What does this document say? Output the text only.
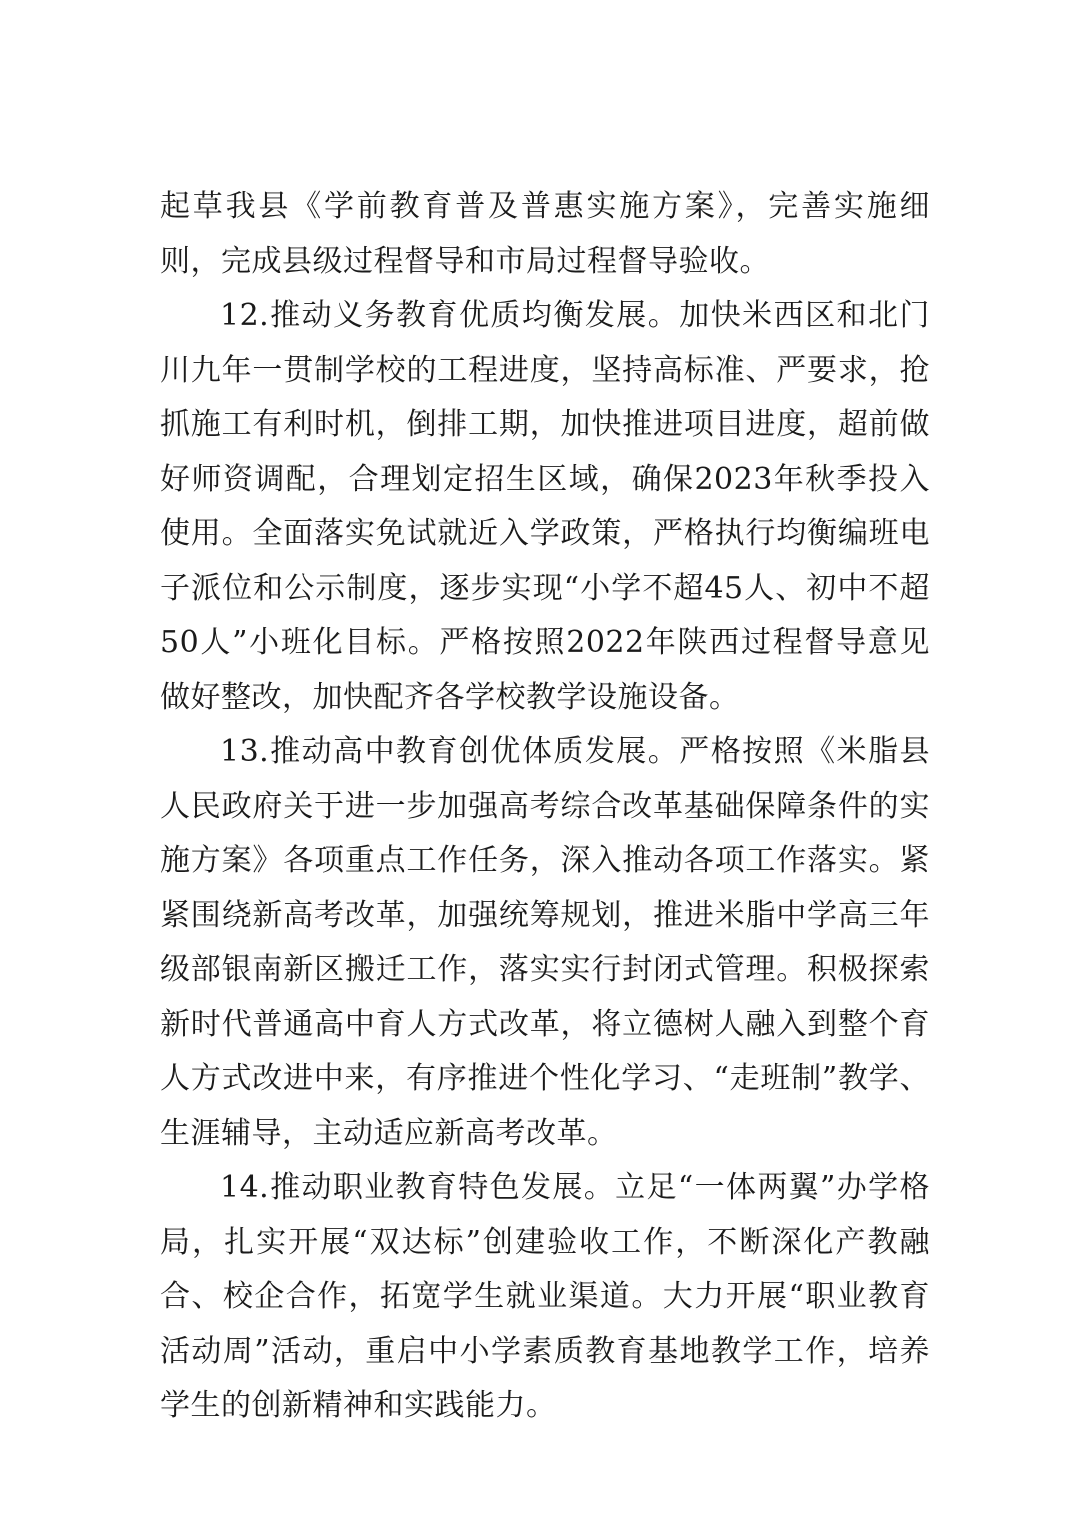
起草我县《学前教育普及普惠实施方案》，完善实施细则，完成县级过程督导和市局过程督导验收。

12.推动义务教育优质均衡发展。加快米西区和北门川九年一贯制学校的工程进度，坚持高标准、严要求，抢抓施工有利时机，倒排工期，加快推进项目进度，超前做好师资调配，合理划定招生区域，确保2023年秋季投入使用。全面落实免试就近入学政策，严格执行均衡编班电子派位和公示制度，逐步实现“小学不超45人、初中不超50人”小班化目标。严格按照2022年陕西过程督导意见做好整改，加快配齐各学校教学设施设备。

13.推动高中教育创优体质发展。严格按照《米脂县人民政府关于进一步加强高考综合改革基础保障条件的实施方案》各项重点工作任务，深入推动各项工作落实。紧紧围绕新高考改革，加强统筹规划，推进米脂中学高三年级部银南新区搬迁工作，落实实行封闭式管理。积极探索新时代普通高中育人方式改革，将立德树人融入到整个育人方式改进中来，有序推进个性化学习、“走班制”教学、生涯辅导，主动适应新高考改革。

14.推动职业教育特色发展。立足“一体两翼”办学格局，扎实开展“双达标”创建验收工作，不断深化产教融合、校企合作，拓宽学生就业渠道。大力开展“职业教育活动周”活动，重启中小学素质教育基地教学工作，培养学生的创新精神和实践能力。
